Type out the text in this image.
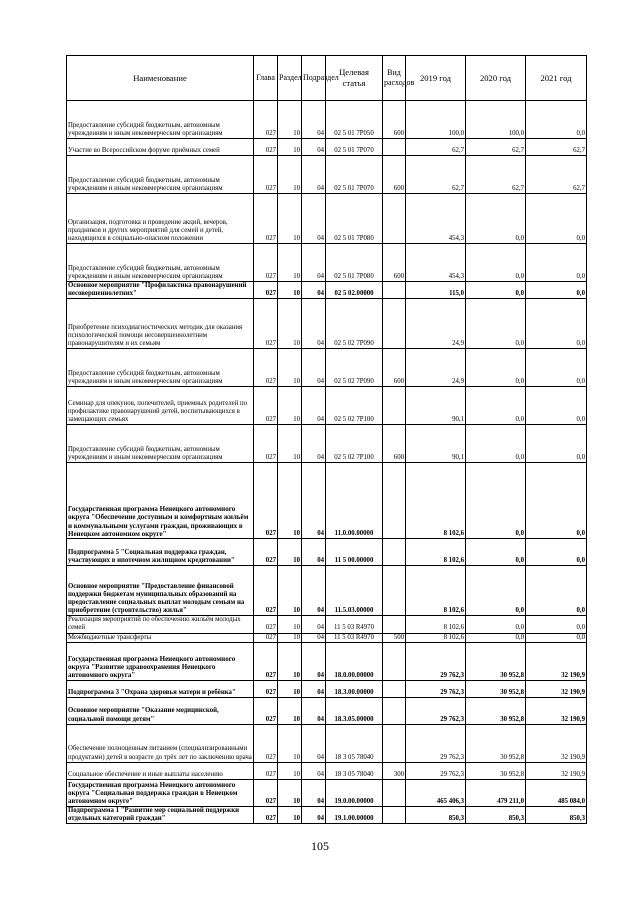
Наименование	Глава	Раздел	Подраздел	Целевая статья	Вид расходов	2019 год	2020 год	2021 год
Предоставление субсидий бюджетным, автономным учреждениям и иным некоммерческим организациям	027	10	04	02 5 01 7Р050	600	100,0	100,0	0,0
Участие во Всероссийском форуме приёмных семей	027	10	04	02 5 01 7Р070		62,7	62,7	62,7
Предоставление субсидий бюджетным, автономным учреждениям и иным некоммерческим организациям	027	10	04	02 5 01 7Р070	600	62,7	62,7	62,7
Организация, подготовка и проведение акций, вечеров, праздников и других мероприятий для семей и детей, находящихся в социально-опасном положении	027	10	04	02 5 01 7Р080		454,3	0,0	0,0
Предоставление субсидий бюджетным, автономным учреждениям и иным некоммерческим организациям	027	10	04	02 5 01 7Р080	600	454,3	0,0	0,0
Основное мероприятие "Профилактика правонарушений несовершеннолетних"	027	10	04	02 5 02.00000		115,0	0,0	0,0
Приобретение психодиагностических методик для оказания психологической помощи несовершеннолетним правонарушителям и их семьям	027	10	04	02 5 02 7Р090		24,9	0,0	0,0
Предоставление субсидий бюджетным, автономным учреждениям и иным некоммерческим организациям	027	10	04	02 5 02 7Р090	600	24,9	0,0	0,0
Семинар для опекунов, попечителей, приемных родителей по профилактике правонарушений детей, воспитывающихся в замещающих семьях	027	10	04	02 5 02 7Р100		90,1	0,0	0,0
Предоставление субсидий бюджетным, автономным учреждениям и иным некоммерческим организациям	027	10	04	02 5 02 7Р100	600	90,1	0,0	0,0
Государственная программа Ненецкого автономного округа "Обеспечение доступным и комфортным жильём и коммунальными услугами граждан, проживающих в Ненецком автономном округе"	027	10	04	11.0.00.00000		8 102,6	0,0	0,0
Подпрограмма 5 "Социальная поддержка граждан, участвующих в ипотечном жилищном кредитовании"	027	10	04	11 5 00.00000		8 102,6	0,0	0,0
Основное мероприятие "Предоставление финансовой поддержки бюджетам муниципальных образований на предоставление социальных выплат молодым семьям на приобретение (строительство) жилья"	027	10	04	11.5.03.00000		8 102,6	0,0	0,0
Реализация мероприятий по обеспечению жильём молодых семей	027	10	04	11 5 03 R4970		8 102,6	0,0	0,0
Межбюджетные трансферты	027	10	04	11 5 03 R4970	500	8 102,6	0,0	0,0
Государственная программа Ненецкого автономного округа "Развитие здравоохранения Ненецкого автономного округа"	027	10	04	18.0.00.00000		29 762,3	30 952,8	32 190,9
Подпрограмма 3 "Охрана здоровья матери и ребёнка"	027	10	04	18.3.00.00000		29 762,3	30 952,8	32 190,9
Основное мероприятие "Оказание медицинской, социальной помощи детям"	027	10	04	18.3.05.00000		29 762,3	30 952,8	32 190,9
Обеспечение полноценным питанием (специализированными продуктами) детей в возрасте до трёх лет по заключению врача	027	10	04	18 3 05 78040		29 762,3	30 952,8	32 190,9
Социальное обеспечение и иные выплаты населению	027	10	04	18 3 05 78040	300	29 762,3	30 952,8	32 190,9
Государственная программа Ненецкого автономного округа "Социальная поддержка граждан в Ненецком автономном округе"	027	10	04	19.0.00.00000		465 406,3	479 211,0	485 084,0
Подпрограмма 1 "Развитие мер социальной поддержки отдельных категорий граждан"	027	10	04	19.1.00.00000		850,3	850,3	850,3
105
